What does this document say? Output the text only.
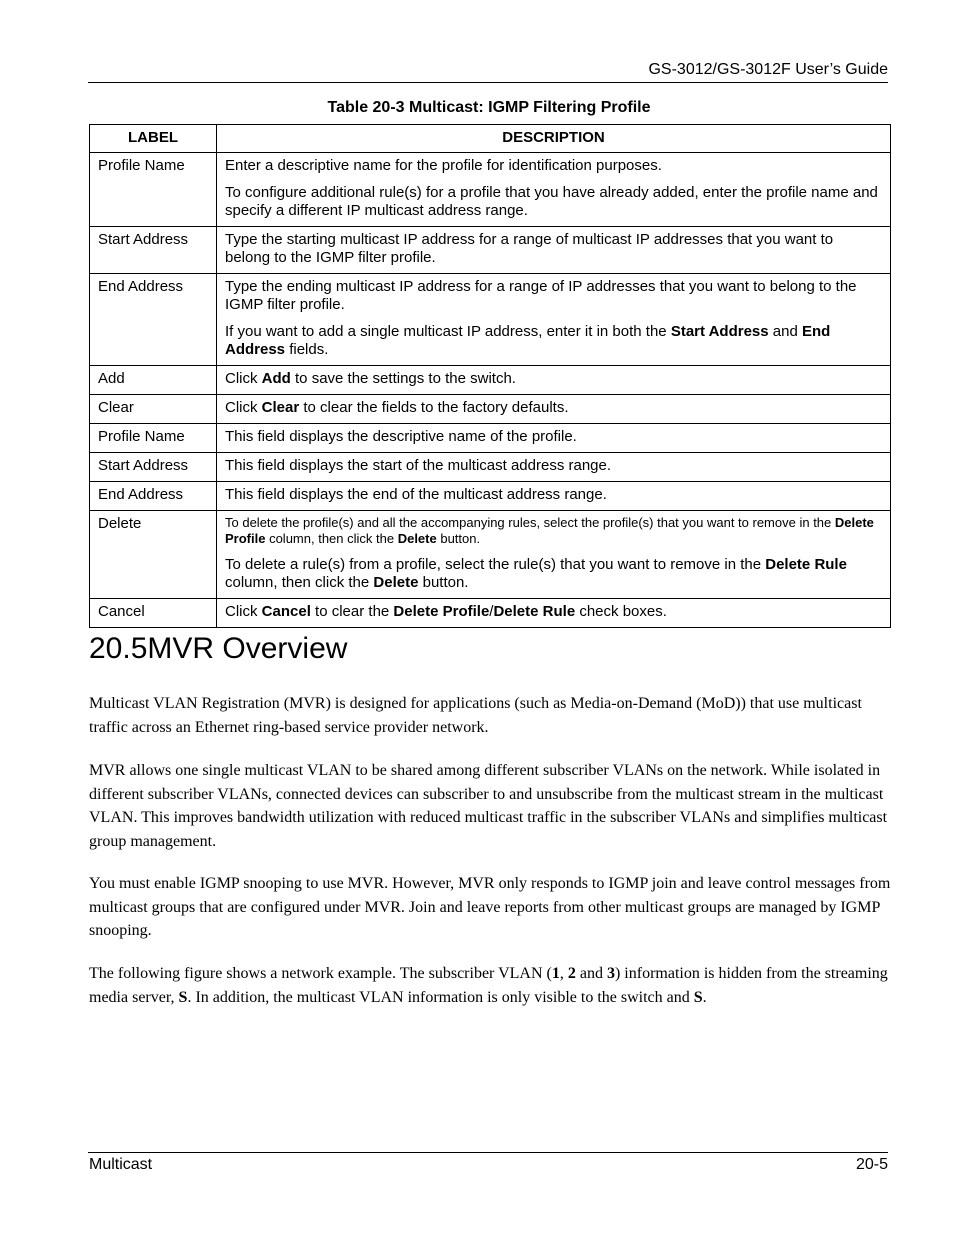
GS-3012/GS-3012F User’s Guide
Table 20-3 Multicast: IGMP Filtering Profile
LABEL	DESCRIPTION
Profile Name	Enter a descriptive name for the profile for identification purposes.

To configure additional rule(s) for a profile that you have already added, enter the profile name and specify a different IP multicast address range.

Start Address	Type the starting multicast IP address for a range of multicast IP addresses that you want to belong to the IGMP filter profile.

End Address	Type the ending multicast IP address for a range of IP addresses that you want to belong to the IGMP filter profile.

If you want to add a single multicast IP address, enter it in both the Start Address and End Address fields.

Add	Click Add to save the settings to the switch.
Clear	Click Clear to clear the fields to the factory defaults.
Profile Name	This field displays the descriptive name of the profile.
Start Address	This field displays the start of the multicast address range.
End Address	This field displays the end of the multicast address range.
Delete	To delete the profile(s) and all the accompanying rules, select the profile(s) that you want to remove in the Delete Profile column, then click the Delete button.

To delete a rule(s) from a profile, select the rule(s) that you want to remove in the Delete Rule column, then click the Delete button.

Cancel	Click Cancel to clear the Delete Profile/Delete Rule check boxes.
20.5MVR Overview

Multicast VLAN Registration (MVR) is designed for applications (such as Media-on-Demand (MoD)) that use multicast traffic across an Ethernet ring-based service provider network.

MVR allows one single multicast VLAN to be shared among different subscriber VLANs on the network. While isolated in different subscriber VLANs, connected devices can subscriber to and unsubscribe from the multicast stream in the multicast VLAN. This improves bandwidth utilization with reduced multicast traffic in the subscriber VLANs and simplifies multicast group management.

You must enable IGMP snooping to use MVR. However, MVR only responds to IGMP join and leave control messages from multicast groups that are configured under MVR. Join and leave reports from other multicast groups are managed by IGMP snooping.

The following figure shows a network example. The subscriber VLAN (1, 2 and 3) information is hidden from the streaming media server, S. In addition, the multicast VLAN information is only visible to the switch and S.

Multicast	20-5
